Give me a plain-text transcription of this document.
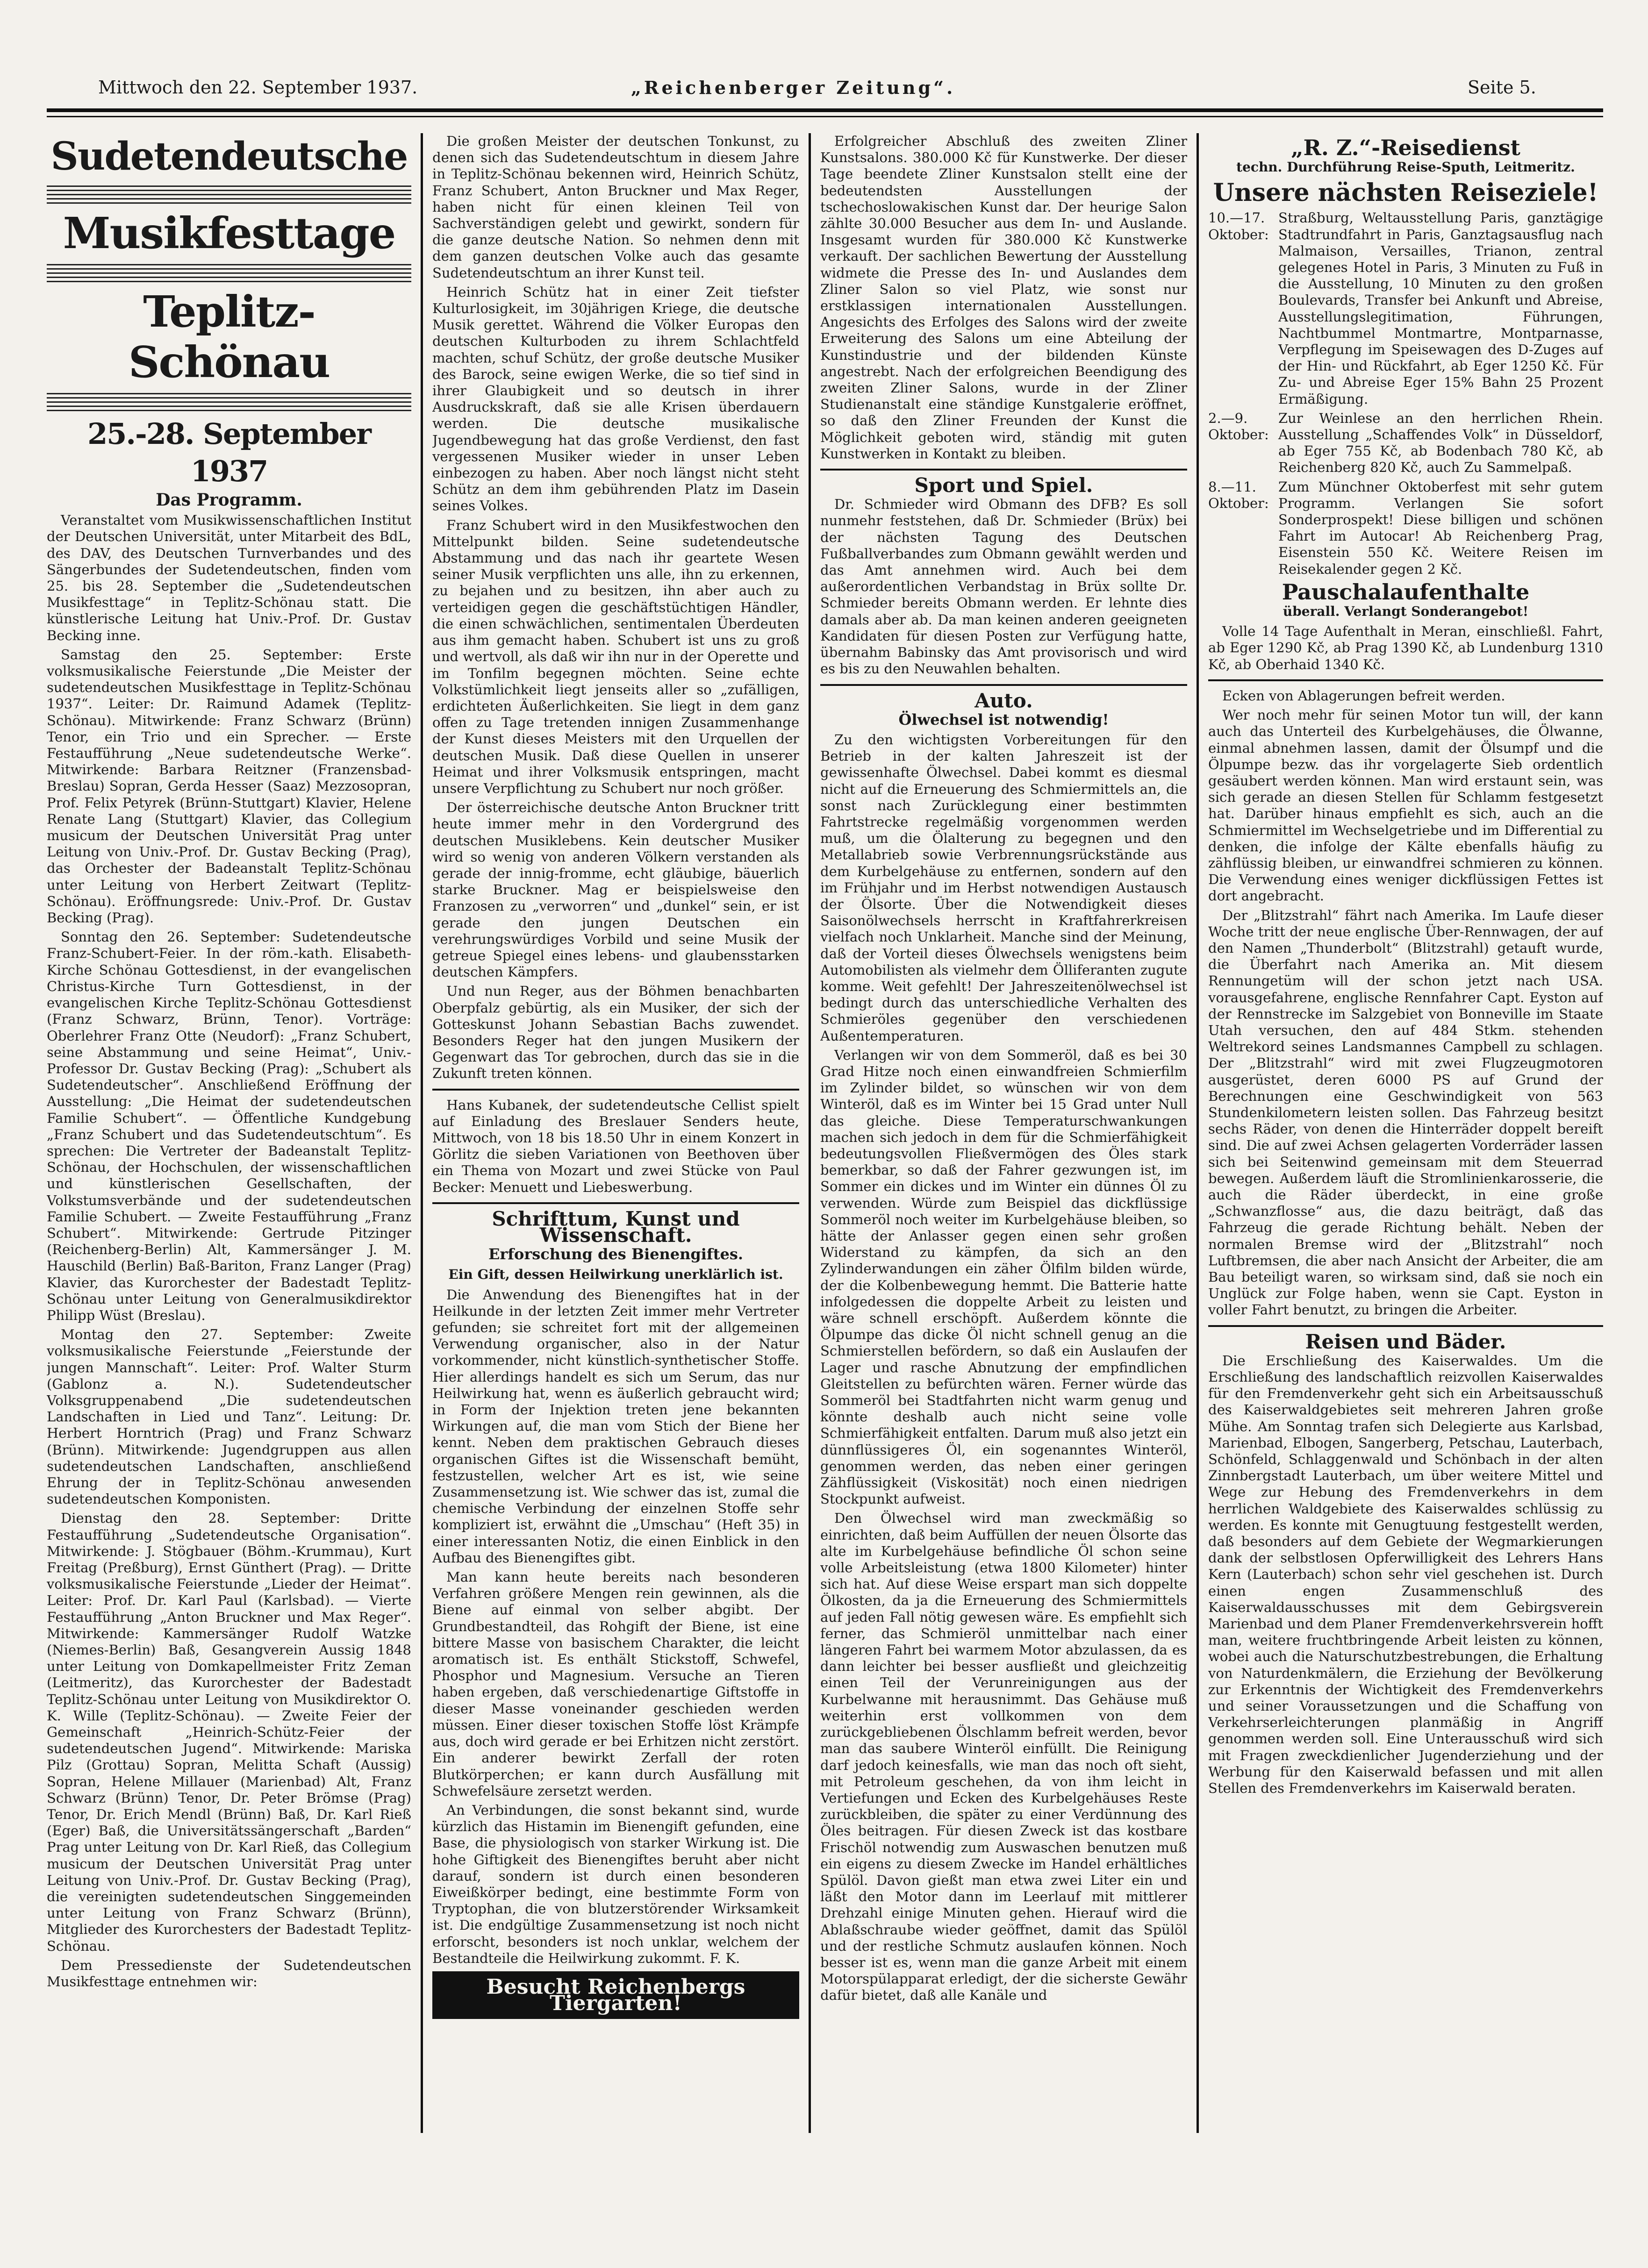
Mittwoch den 22. September 1937.	„Reichenberger Zeitung“.	Seite 5.
Sudetendeutsche
Musikfesttage
Teplitz-Schönau
25.-28. September 1937
Das Programm.

Veranstaltet vom Musikwissenschaftlichen Institut der Deutschen Universität, unter Mitarbeit des BdL, des DAV, des Deutschen Turnverbandes und des Sängerbundes der Sudetendeutschen, finden vom 25. bis 28. September die „Sudetendeutschen Musikfesttage“ in Teplitz-Schönau statt. Die künstlerische Leitung hat Univ.-Prof. Dr. Gustav Becking inne.

Samstag den 25. September: Erste volksmusikalische Feierstunde „Die Meister der sudetendeutschen Musikfesttage in Teplitz-Schönau 1937“. Leiter: Dr. Raimund Adamek (Teplitz-Schönau). Mitwirkende: Franz Schwarz (Brünn) Tenor, ein Trio und ein Sprecher. — Erste Festaufführung „Neue sudetendeutsche Werke“. Mitwirkende: Barbara Reitzner (Franzensbad-Breslau) Sopran, Gerda Hesser (Saaz) Mezzosopran, Prof. Felix Petyrek (Brünn-Stuttgart) Klavier, Helene Renate Lang (Stuttgart) Klavier, das Collegium musicum der Deutschen Universität Prag unter Leitung von Univ.-Prof. Dr. Gustav Becking (Prag), das Orchester der Badeanstalt Teplitz-Schönau unter Leitung von Herbert Zeitwart (Teplitz-Schönau). Eröffnungsrede: Univ.-Prof. Dr. Gustav Becking (Prag).

Sonntag den 26. September: Sudetendeutsche Franz-Schubert-Feier. In der röm.-kath. Elisabeth-Kirche Schönau Gottesdienst, in der evangelischen Christus-Kirche Turn Gottesdienst, in der evangelischen Kirche Teplitz-Schönau Gottesdienst (Franz Schwarz, Brünn, Tenor). Vorträge: Oberlehrer Franz Otte (Neudorf): „Franz Schubert, seine Abstammung und seine Heimat“, Univ.-Professor Dr. Gustav Becking (Prag): „Schubert als Sudetendeutscher“. Anschließend Eröffnung der Ausstellung: „Die Heimat der sudetendeutschen Familie Schubert“. — Öffentliche Kundgebung „Franz Schubert und das Sudetendeutschtum“. Es sprechen: Die Vertreter der Badeanstalt Teplitz-Schönau, der Hochschulen, der wissenschaftlichen und künstlerischen Gesellschaften, der Volkstumsverbände und der sudetendeutschen Familie Schubert. — Zweite Festaufführung „Franz Schubert“. Mitwirkende: Gertrude Pitzinger (Reichenberg-Berlin) Alt, Kammersänger J. M. Hauschild (Berlin) Baß-Bariton, Franz Langer (Prag) Klavier, das Kurorchester der Badestadt Teplitz-Schönau unter Leitung von Generalmusikdirektor Philipp Wüst (Breslau).

Montag den 27. September: Zweite volksmusikalische Feierstunde „Feierstunde der jungen Mannschaft“. Leiter: Prof. Walter Sturm (Gablonz a. N.). Sudetendeutscher Volksgruppenabend „Die sudetendeutschen Landschaften in Lied und Tanz“. Leitung: Dr. Herbert Horntrich (Prag) und Franz Schwarz (Brünn). Mitwirkende: Jugendgruppen aus allen sudetendeutschen Landschaften, anschließend Ehrung der in Teplitz-Schönau anwesenden sudetendeutschen Komponisten.

Dienstag den 28. September: Dritte Festaufführung „Sudetendeutsche Organisation“. Mitwirkende: J. Stögbauer (Böhm.-Krummau), Kurt Freitag (Preßburg), Ernst Günthert (Prag). — Dritte volksmusikalische Feierstunde „Lieder der Heimat“. Leiter: Prof. Dr. Karl Paul (Karlsbad). — Vierte Festaufführung „Anton Bruckner und Max Reger“. Mitwirkende: Kammersänger Rudolf Watzke (Niemes-Berlin) Baß, Gesangverein Aussig 1848 unter Leitung von Domkapellmeister Fritz Zeman (Leitmeritz), das Kurorchester der Badestadt Teplitz-Schönau unter Leitung von Musikdirektor O. K. Wille (Teplitz-Schönau). — Zweite Feier der Gemeinschaft „Heinrich-Schütz-Feier der sudetendeutschen Jugend“. Mitwirkende: Mariska Pilz (Grottau) Sopran, Melitta Schaft (Aussig) Sopran, Helene Millauer (Marienbad) Alt, Franz Schwarz (Brünn) Tenor, Dr. Peter Brömse (Prag) Tenor, Dr. Erich Mendl (Brünn) Baß, Dr. Karl Rieß (Eger) Baß, die Universitätssängerschaft „Barden“ Prag unter Leitung von Dr. Karl Rieß, das Collegium musicum der Deutschen Universität Prag unter Leitung von Univ.-Prof. Dr. Gustav Becking (Prag), die vereinigten sudetendeutschen Singgemeinden unter Leitung von Franz Schwarz (Brünn), Mitglieder des Kurorchesters der Badestadt Teplitz-Schönau.

Dem Pressedienste der Sudetendeutschen Musikfesttage entnehmen wir:

Die großen Meister der deutschen Tonkunst, zu denen sich das Sudetendeutschtum in diesem Jahre in Teplitz-Schönau bekennen wird, Heinrich Schütz, Franz Schubert, Anton Bruckner und Max Reger, haben nicht für einen kleinen Teil von Sachverständigen gelebt und gewirkt, sondern für die ganze deutsche Nation. So nehmen denn mit dem ganzen deutschen Volke auch das gesamte Sudetendeutschtum an ihrer Kunst teil.

Heinrich Schütz hat in einer Zeit tiefster Kulturlosigkeit, im 30jährigen Kriege, die deutsche Musik gerettet. Während die Völker Europas den deutschen Kulturboden zu ihrem Schlachtfeld machten, schuf Schütz, der große deutsche Musiker des Barock, seine ewigen Werke, die so tief sind in ihrer Glaubigkeit und so deutsch in ihrer Ausdruckskraft, daß sie alle Krisen überdauern werden. Die deutsche musikalische Jugendbewegung hat das große Verdienst, den fast vergessenen Musiker wieder in unser Leben einbezogen zu haben. Aber noch längst nicht steht Schütz an dem ihm gebührenden Platz im Dasein seines Volkes.

Franz Schubert wird in den Musikfestwochen den Mittelpunkt bilden. Seine sudetendeutsche Abstammung und das nach ihr geartete Wesen seiner Musik verpflichten uns alle, ihn zu erkennen, zu bejahen und zu besitzen, ihn aber auch zu verteidigen gegen die geschäftstüchtigen Händler, die einen schwächlichen, sentimentalen Überdeuten aus ihm gemacht haben. Schubert ist uns zu groß und wertvoll, als daß wir ihn nur in der Operette und im Tonfilm begegnen möchten. Seine echte Volkstümlichkeit liegt jenseits aller so „zufälligen, erdichteten Äußerlichkeiten. Sie liegt in dem ganz offen zu Tage tretenden innigen Zusammenhange der Kunst dieses Meisters mit den Urquellen der deutschen Musik. Daß diese Quellen in unserer Heimat und ihrer Volksmusik entspringen, macht unsere Verpflichtung zu Schubert nur noch größer.

Der österreichische deutsche Anton Bruckner tritt heute immer mehr in den Vordergrund des deutschen Musiklebens. Kein deutscher Musiker wird so wenig von anderen Völkern verstanden als gerade der innig-fromme, echt gläubige, bäuerlich starke Bruckner. Mag er beispielsweise den Franzosen zu „verworren“ und „dunkel“ sein, er ist gerade den jungen Deutschen ein verehrungswürdiges Vorbild und seine Musik der getreue Spiegel eines lebens- und glaubensstarken deutschen Kämpfers.

Und nun Reger, aus der Böhmen benachbarten Oberpfalz gebürtig, als ein Musiker, der sich der Gotteskunst Johann Sebastian Bachs zuwendet. Besonders Reger hat den jungen Musikern der Gegenwart das Tor gebrochen, durch das sie in die Zukunft treten können.

Hans Kubanek, der sudetendeutsche Cellist spielt auf Einladung des Breslauer Senders heute, Mittwoch, von 18 bis 18.50 Uhr in einem Konzert in Görlitz die sieben Variationen von Beethoven über ein Thema von Mozart und zwei Stücke von Paul Becker: Menuett und Liebeswerbung.

Schrifttum, Kunst und Wissenschaft.
Erforschung des Bienengiftes.
Ein Gift, dessen Heilwirkung unerklärlich ist.

Die Anwendung des Bienengiftes hat in der Heilkunde in der letzten Zeit immer mehr Vertreter gefunden; sie schreitet fort mit der allgemeinen Verwendung organischer, also in der Natur vorkommender, nicht künstlich-synthetischer Stoffe. Hier allerdings handelt es sich um Serum, das nur Heilwirkung hat, wenn es äußerlich gebraucht wird; in Form der Injektion treten jene bekannten Wirkungen auf, die man vom Stich der Biene her kennt. Neben dem praktischen Gebrauch dieses organischen Giftes ist die Wissenschaft bemüht, festzustellen, welcher Art es ist, wie seine Zusammensetzung ist. Wie schwer das ist, zumal die chemische Verbindung der einzelnen Stoffe sehr kompliziert ist, erwähnt die „Umschau“ (Heft 35) in einer interessanten Notiz, die einen Einblick in den Aufbau des Bienengiftes gibt.

Man kann heute bereits nach besonderen Verfahren größere Mengen rein gewinnen, als die Biene auf einmal von selber abgibt. Der Grundbestandteil, das Rohgift der Biene, ist eine bittere Masse von basischem Charakter, die leicht aromatisch ist. Es enthält Stickstoff, Schwefel, Phosphor und Magnesium. Versuche an Tieren haben ergeben, daß verschiedenartige Giftstoffe in dieser Masse voneinander geschieden werden müssen. Einer dieser toxischen Stoffe löst Krämpfe aus, doch wird gerade er bei Erhitzen nicht zerstört. Ein anderer bewirkt Zerfall der roten Blutkörperchen; er kann durch Ausfällung mit Schwefelsäure zersetzt werden.

An Verbindungen, die sonst bekannt sind, wurde kürzlich das Histamin im Bienengift gefunden, eine Base, die physiologisch von starker Wirkung ist. Die hohe Giftigkeit des Bienengiftes beruht aber nicht darauf, sondern ist durch einen besonderen Eiweißkörper bedingt, eine bestimmte Form von Tryptophan, die von blutzerstörender Wirksamkeit ist. Die endgültige Zusammensetzung ist noch nicht erforscht, besonders ist noch unklar, welchem der Bestandteile die Heilwirkung zukommt. F. K.

Besucht Reichenbergs Tiergarten!

Erfolgreicher Abschluß des zweiten Zliner Kunstsalons. 380.000 Kč für Kunstwerke. Der dieser Tage beendete Zliner Kunstsalon stellt eine der bedeutendsten Ausstellungen der tschechoslowakischen Kunst dar. Der heurige Salon zählte 30.000 Besucher aus dem In- und Auslande. Insgesamt wurden für 380.000 Kč Kunstwerke verkauft. Der sachlichen Bewertung der Ausstellung widmete die Presse des In- und Auslandes dem Zliner Salon so viel Platz, wie sonst nur erstklassigen internationalen Ausstellungen. Angesichts des Erfolges des Salons wird der zweite Erweiterung des Salons um eine Abteilung der Kunstindustrie und der bildenden Künste angestrebt. Nach der erfolgreichen Beendigung des zweiten Zliner Salons, wurde in der Zliner Studienanstalt eine ständige Kunstgalerie eröffnet, so daß den Zliner Freunden der Kunst die Möglichkeit geboten wird, ständig mit guten Kunstwerken in Kontakt zu bleiben.

Sport und Spiel.

Dr. Schmieder wird Obmann des DFB? Es soll nunmehr feststehen, daß Dr. Schmieder (Brüx) bei der nächsten Tagung des Deutschen Fußballverbandes zum Obmann gewählt werden und das Amt annehmen wird. Auch bei dem außerordentlichen Verbandstag in Brüx sollte Dr. Schmieder bereits Obmann werden. Er lehnte dies damals aber ab. Da man keinen anderen geeigneten Kandidaten für diesen Posten zur Verfügung hatte, übernahm Babinsky das Amt provisorisch und wird es bis zu den Neuwahlen behalten.

Auto.
Ölwechsel ist notwendig!

Zu den wichtigsten Vorbereitungen für den Betrieb in der kalten Jahreszeit ist der gewissenhafte Ölwechsel. Dabei kommt es diesmal nicht auf die Erneuerung des Schmiermittels an, die sonst nach Zurücklegung einer bestimmten Fahrtstrecke regelmäßig vorgenommen werden muß, um die Ölalterung zu begegnen und den Metallabrieb sowie Verbrennungsrückstände aus dem Kurbelgehäuse zu entfernen, sondern auf den im Frühjahr und im Herbst notwendigen Austausch der Ölsorte. Über die Notwendigkeit dieses Saisonölwechsels herrscht in Kraftfahrerkreisen vielfach noch Unklarheit. Manche sind der Meinung, daß der Vorteil dieses Ölwechsels wenigstens beim Automobilisten als vielmehr dem Ölliferanten zugute komme. Weit gefehlt! Der Jahreszeitenölwechsel ist bedingt durch das unterschiedliche Verhalten des Schmieröles gegenüber den verschiedenen Außentemperaturen.

Verlangen wir von dem Sommeröl, daß es bei 30 Grad Hitze noch einen einwandfreien Schmierfilm im Zylinder bildet, so wünschen wir von dem Winteröl, daß es im Winter bei 15 Grad unter Null das gleiche. Diese Temperaturschwankungen machen sich jedoch in dem für die Schmierfähigkeit bedeutungsvollen Fließvermögen des Öles stark bemerkbar, so daß der Fahrer gezwungen ist, im Sommer ein dickes und im Winter ein dünnes Öl zu verwenden. Würde zum Beispiel das dickflüssige Sommeröl noch weiter im Kurbelgehäuse bleiben, so hätte der Anlasser gegen einen sehr großen Widerstand zu kämpfen, da sich an den Zylinderwandungen ein zäher Ölfilm bilden würde, der die Kolbenbewegung hemmt. Die Batterie hatte infolgedessen die doppelte Arbeit zu leisten und wäre schnell erschöpft. Außerdem könnte die Ölpumpe das dicke Öl nicht schnell genug an die Schmierstellen befördern, so daß ein Auslaufen der Lager und rasche Abnutzung der empfindlichen Gleitstellen zu befürchten wären. Ferner würde das Sommeröl bei Stadtfahrten nicht warm genug und könnte deshalb auch nicht seine volle Schmierfähigkeit entfalten. Darum muß also jetzt ein dünnflüssigeres Öl, ein sogenanntes Winteröl, genommen werden, das neben einer geringen Zähflüssigkeit (Viskosität) noch einen niedrigen Stockpunkt aufweist.

Den Ölwechsel wird man zweckmäßig so einrichten, daß beim Auffüllen der neuen Ölsorte das alte im Kurbelgehäuse befindliche Öl schon seine volle Arbeitsleistung (etwa 1800 Kilometer) hinter sich hat. Auf diese Weise erspart man sich doppelte Ölkosten, da ja die Erneuerung des Schmiermittels auf jeden Fall nötig gewesen wäre. Es empfiehlt sich ferner, das Schmieröl unmittelbar nach einer längeren Fahrt bei warmem Motor abzulassen, da es dann leichter bei besser ausfließt und gleichzeitig einen Teil der Verunreinigungen aus der Kurbelwanne mit herausnimmt. Das Gehäuse muß weiterhin erst vollkommen von dem zurückgebliebenen Ölschlamm befreit werden, bevor man das saubere Winteröl einfüllt. Die Reinigung darf jedoch keinesfalls, wie man das noch oft sieht, mit Petroleum geschehen, da von ihm leicht in Vertiefungen und Ecken des Kurbelgehäuses Reste zurückbleiben, die später zu einer Verdünnung des Öles beitragen. Für diesen Zweck ist das kostbare Frischöl notwendig zum Auswaschen benutzen muß ein eigens zu diesem Zwecke im Handel erhältliches Spülöl. Davon gießt man etwa zwei Liter ein und läßt den Motor dann im Leerlauf mit mittlerer Drehzahl einige Minuten gehen. Hierauf wird die Ablaßschraube wieder geöffnet, damit das Spülöl und der restliche Schmutz auslaufen können. Noch besser ist es, wenn man die ganze Arbeit mit einem Motorspülapparat erledigt, der die sicherste Gewähr dafür bietet, daß alle Kanäle und

„R. Z.“-Reisedienst
techn. Durchführung Reise-Sputh, Leitmeritz.
Unsere nächsten Reiseziele!
10.—17. Oktober:
Straßburg, Weltausstellung Paris, ganztägige Stadtrundfahrt in Paris, Ganztagsausflug nach Malmaison, Versailles, Trianon, zentral gelegenes Hotel in Paris, 3 Minuten zu Fuß in die Ausstellung, 10 Minuten zu den großen Boulevards, Transfer bei Ankunft und Abreise, Ausstellungslegitimation, Führungen, Nachtbummel Montmartre, Montparnasse, Verpflegung im Speisewagen des D-Zuges auf der Hin- und Rückfahrt, ab Eger 1250 Kč. Für Zu- und Abreise Eger 15% Bahn 25 Prozent Ermäßigung.
2.—9. Oktober:
Zur Weinlese an den herrlichen Rhein. Ausstellung „Schaffendes Volk“ in Düsseldorf, ab Eger 755 Kč, ab Bodenbach 780 Kč, ab Reichenberg 820 Kč, auch Zu Sammelpaß.
8.—11. Oktober:
Zum Münchner Oktoberfest mit sehr gutem Programm. Verlangen Sie sofort Sonderprospekt! Diese billigen und schönen Fahrt im Autocar! Ab Reichenberg Prag, Eisenstein 550 Kč. Weitere Reisen im Reisekalender gegen 2 Kč.
Pauschalaufenthalte
überall. Verlangt Sonderangebot!

Volle 14 Tage Aufenthalt in Meran, einschließl. Fahrt, ab Eger 1290 Kč, ab Prag 1390 Kč, ab Lundenburg 1310 Kč, ab Oberhaid 1340 Kč.

Ecken von Ablagerungen befreit werden.

Wer noch mehr für seinen Motor tun will, der kann auch das Unterteil des Kurbelgehäuses, die Ölwanne, einmal abnehmen lassen, damit der Ölsumpf und die Ölpumpe bezw. das ihr vorgelagerte Sieb ordentlich gesäubert werden können. Man wird erstaunt sein, was sich gerade an diesen Stellen für Schlamm festgesetzt hat. Darüber hinaus empfiehlt es sich, auch an die Schmiermittel im Wechselgetriebe und im Differential zu denken, die infolge der Kälte ebenfalls häufig zu zähflüssig bleiben, ur einwandfrei schmieren zu können. Die Verwendung eines weniger dickflüssigen Fettes ist dort angebracht.

Der „Blitzstrahl“ fährt nach Amerika. Im Laufe dieser Woche tritt der neue englische Über-Rennwagen, der auf den Namen „Thunderbolt“ (Blitzstrahl) getauft wurde, die Überfahrt nach Amerika an. Mit diesem Rennungetüm will der schon jetzt nach USA. vorausgefahrene, englische Rennfahrer Capt. Eyston auf der Rennstrecke im Salzgebiet von Bonneville im Staate Utah versuchen, den auf 484 Stkm. stehenden Weltrekord seines Landsmannes Campbell zu schlagen. Der „Blitzstrahl“ wird mit zwei Flugzeugmotoren ausgerüstet, deren 6000 PS auf Grund der Berechnungen eine Geschwindigkeit von 563 Stundenkilometern leisten sollen. Das Fahrzeug besitzt sechs Räder, von denen die Hinterräder doppelt bereift sind. Die auf zwei Achsen gelagerten Vorderräder lassen sich bei Seitenwind gemeinsam mit dem Steuerrad bewegen. Außerdem läuft die Stromlinienkarosserie, die auch die Räder überdeckt, in eine große „Schwanzflosse“ aus, die dazu beiträgt, daß das Fahrzeug die gerade Richtung behält. Neben der normalen Bremse wird der „Blitzstrahl“ noch Luftbremsen, die aber nach Ansicht der Arbeiter, die am Bau beteiligt waren, so wirksam sind, daß sie noch ein Unglück zur Folge haben, wenn sie Capt. Eyston in voller Fahrt benutzt, zu bringen die Arbeiter.

Reisen und Bäder.

Die Erschließung des Kaiserwaldes. Um die Erschließung des landschaftlich reizvollen Kaiserwaldes für den Fremdenverkehr geht sich ein Arbeitsausschuß des Kaiserwaldgebietes seit mehreren Jahren große Mühe. Am Sonntag trafen sich Delegierte aus Karlsbad, Marienbad, Elbogen, Sangerberg, Petschau, Lauterbach, Schönfeld, Schlaggenwald und Schönbach in der alten Zinnbergstadt Lauterbach, um über weitere Mittel und Wege zur Hebung des Fremdenverkehrs in dem herrlichen Waldgebiete des Kaiserwaldes schlüssig zu werden. Es konnte mit Genugtuung festgestellt werden, daß besonders auf dem Gebiete der Wegmarkierungen dank der selbstlosen Opferwilligkeit des Lehrers Hans Kern (Lauterbach) schon sehr viel geschehen ist. Durch einen engen Zusammenschluß des Kaiserwaldausschusses mit dem Gebirgsverein Marienbad und dem Planer Fremdenverkehrsverein hofft man, weitere fruchtbringende Arbeit leisten zu können, wobei auch die Naturschutzbestrebungen, die Erhaltung von Naturdenkmälern, die Erziehung der Bevölkerung zur Erkenntnis der Wichtigkeit des Fremdenverkehrs und seiner Voraussetzungen und die Schaffung von Verkehrserleichterungen planmäßig in Angriff genommen werden soll. Eine Unterausschuß wird sich mit Fragen zweckdienlicher Jugenderziehung und der Werbung für den Kaiserwald befassen und mit allen Stellen des Fremdenverkehrs im Kaiserwald beraten.
